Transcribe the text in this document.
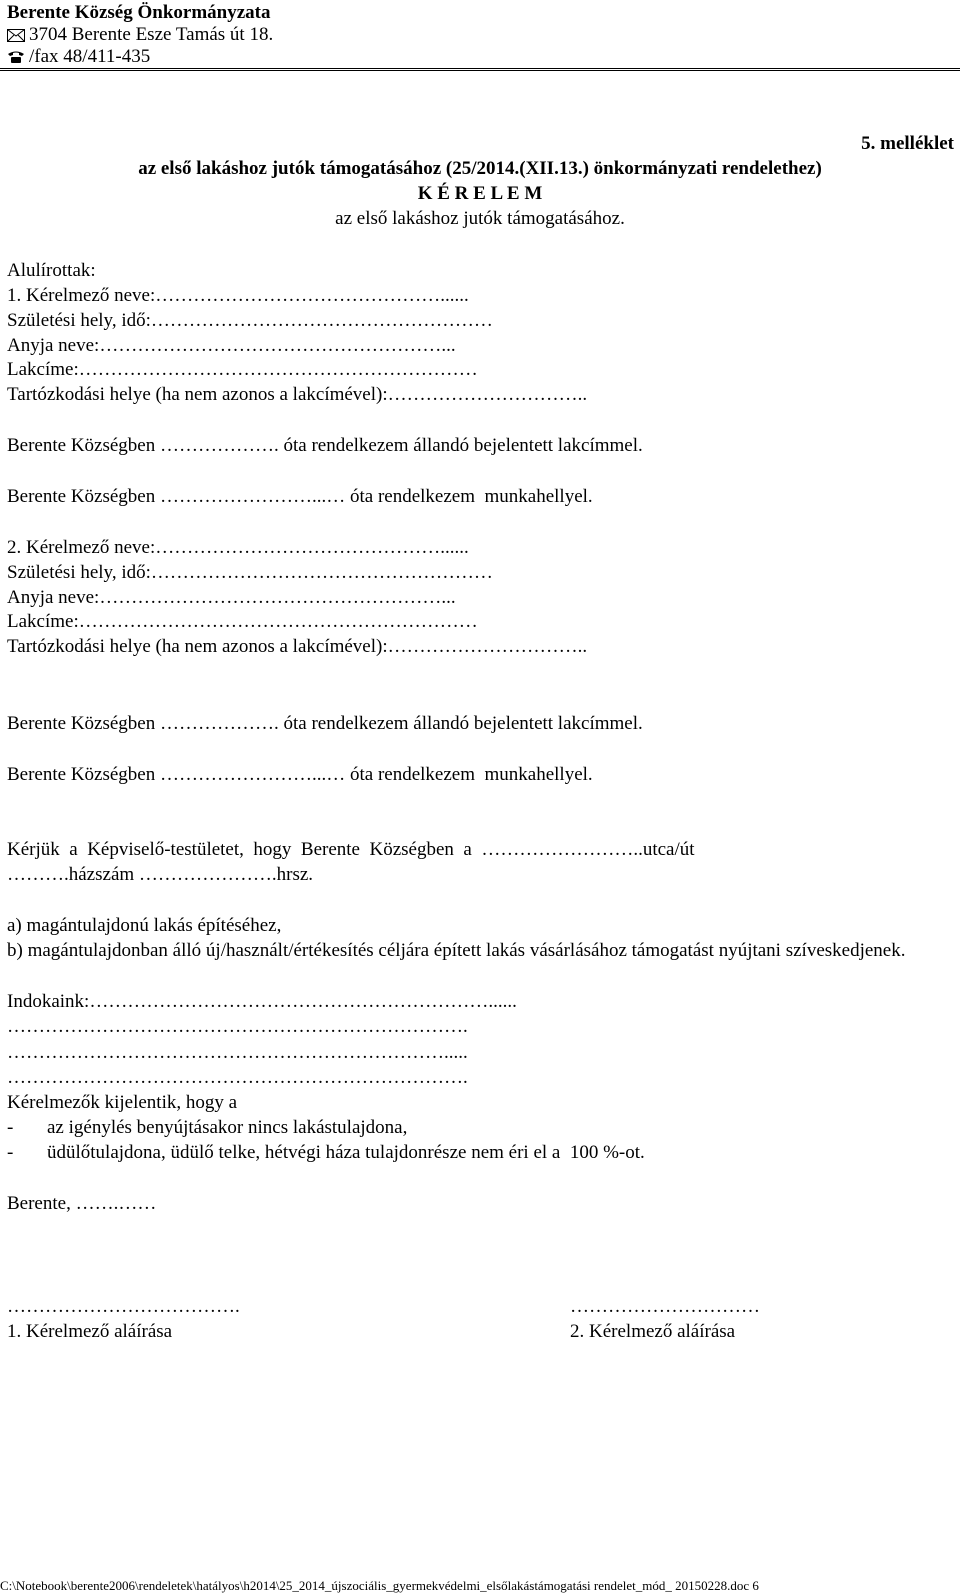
Berente Község Önkormányzata
3704 Berente Esze Tamás út 18.
/fax 48/411-435
5. melléklet
az első lakáshoz jutók támogatásához (25/2014.(XII.13.) önkormányzati rendelethez)
K É R E L E M
az első lakáshoz jutók támogatásához.
Alulírottak:
1. Kérelmező neve:………………………………………......
Születési hely, idő:………………………………………………
Anyja neve:………………………………………………...
Lakcíme:………………………………………………………
Tartózkodási helye (ha nem azonos a lakcímével):…………………………..
Berente Községben ………………. óta rendelkezem állandó bejelentett lakcímmel.
Berente Községben ……………………...… óta rendelkezem  munkahellyel.
2. Kérelmező neve:………………………………………......
Születési hely, idő:………………………………………………
Anyja neve:………………………………………………...
Lakcíme:………………………………………………………
Tartózkodási helye (ha nem azonos a lakcímével):…………………………..
Berente Községben ………………. óta rendelkezem állandó bejelentett lakcímmel.
Berente Községben ……………………...… óta rendelkezem  munkahellyel.
Kérjük  a  Képviselő-testületet,  hogy  Berente  Községben  a  ……………………..utca/út
……….házszám ………………….hrsz.
a) magántulajdonú lakás építéséhez,
b) magántulajdonban álló új/használt/értékesítés céljára épített lakás vásárlásához támogatást nyújtani szíveskedjenek.
Indokaink:………………………………………………………......
……………………………………………………………….
…………………………………………………………….....
……………………………………………………………….
Kérelmezők kijelentik, hogy a
- az igénylés benyújtásakor nincs lakástulajdona,
- üdülőtulajdona, üdülő telke, hétvégi háza tulajdonrésze nem éri el a  100 %-ot.
Berente, …….……
……………………………….
1. Kérelmező aláírása
…………………………
2. Kérelmező aláírása
C:\Notebook\berente2006\rendeletek\hatályos\h2014\25_2014_újszociális_gyermekvédelmi_elsőlakástámogatási rendelet_mód_ 20150228.doc 6
